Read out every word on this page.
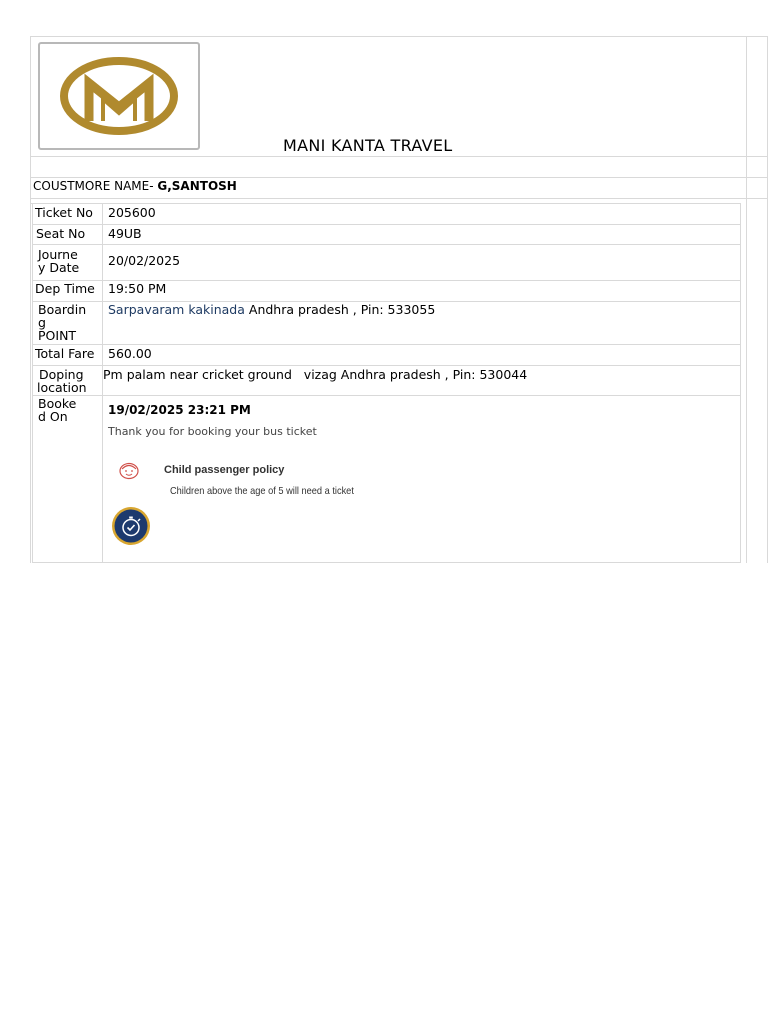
MANI KANTA TRAVEL
COUSTMORE NAME- G,SANTOSH
Ticket No 205600
Seat No 49UB
Journe
y Date 20/02/2025
Dep Time 19:50 PM
Boardin
g
POINT
Sarpavaram kakinada Andhra pradesh , Pin: 533055
Total Fare 560.00
Doping
location
Pm palam near cricket ground   vizag Andhra pradesh , Pin: 530044
Booke
d On	19/02/2025 23:21 PM
Thank you for booking your bus ticket
Child passenger policy
Children above the age of 5 will need a ticket
